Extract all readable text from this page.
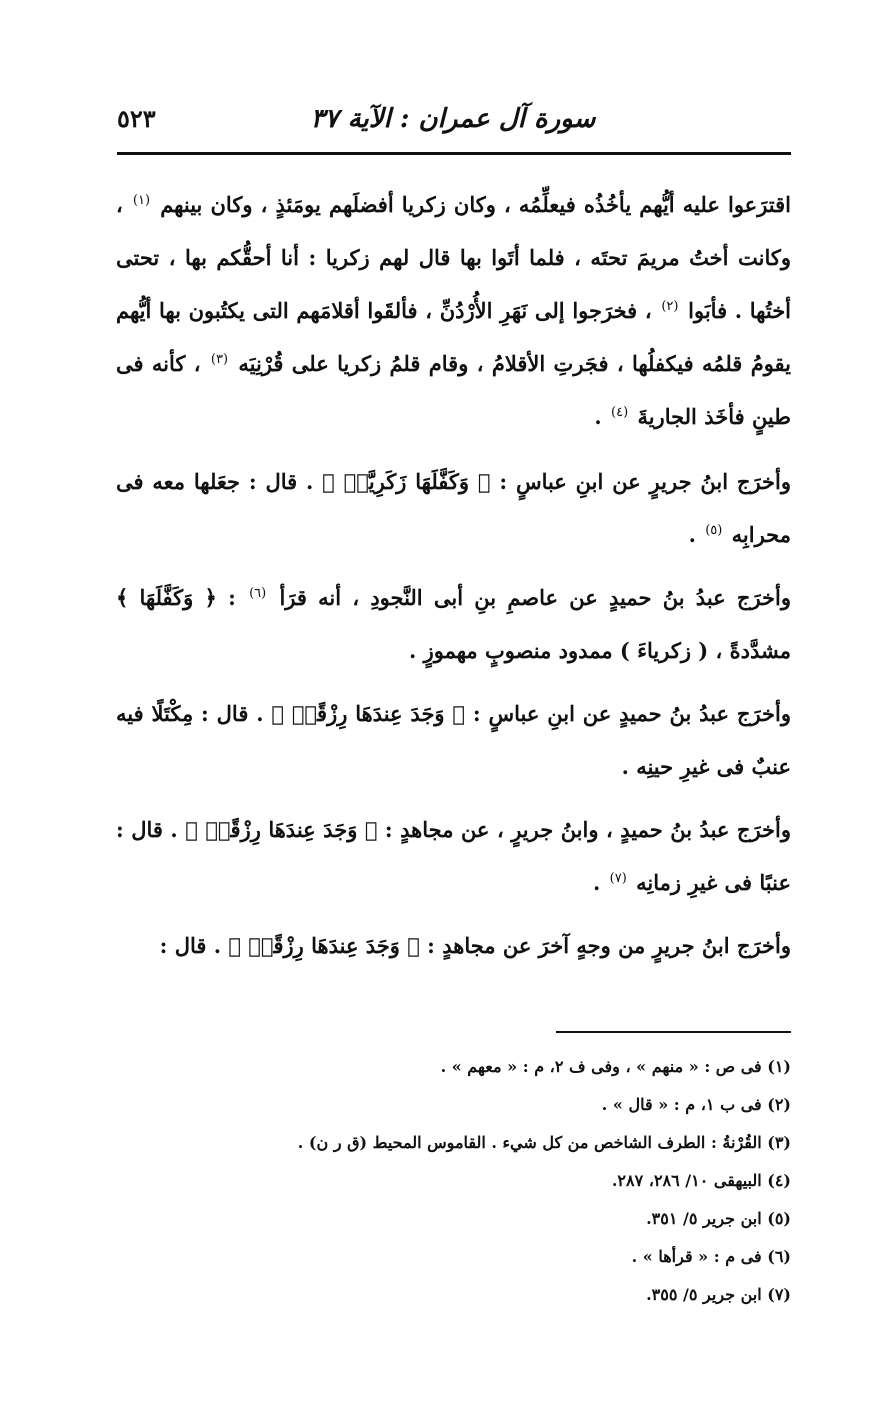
سورة آل عمران : الآية ٣٧
٥٢٣

اقترَعوا عليه أيُّهم يأخُذُه فيعلِّمُه ، وكان زكريا أفضلَهم يومَئذٍ ، وكان بينهم $^{(١)}$ ، وكانت أختُ مريمَ تحتَه ، فلما أتَوا بها قال لهم زكريا : أنا أحقُّكم بها ، تحتى أختُها . فأبَوا $^{(٢)}$ ، فخرَجوا إلى نَهَرِ الأُرْدُنِّ ، فألقَوا أقلامَهم التى يكتُبون بها أيُّهم يقومُ قلمُه فيكفلُها ، فجَرتِ الأقلامُ ، وقام قلمُ زكريا على قُرْنِيَه $^{(٣)}$ ، كأنه فى طينٍ فأخَذ الجاريةَ $^{(٤)}$ .

وأخرَج ابنُ جريرٍ عن ابنِ عباسٍ : ﴿ وَكَفَّلَهَا زَكَرِيَّاۖ ﴾ . قال : جعَلها معه فى محرابِه $^{(٥)}$ .

وأخرَج عبدُ بنُ حميدٍ عن عاصمِ بنِ أبى النَّجودِ ، أنه قرَأ $^{(٦)}$ : ﴿ وَكَفَّلَهَا ﴾ مشدَّدةً ، ( زكرياءَ ) ممدود منصوبٍ مهموزٍ .

وأخرَج عبدُ بنُ حميدٍ عن ابنِ عباسٍ : ﴿ وَجَدَ عِندَهَا رِزْقًاۖ ﴾ . قال : مِكْتَلًا فيه عنبٌ فى غيرِ حينِه .

وأخرَج عبدُ بنُ حميدٍ ، وابنُ جريرٍ ، عن مجاهدٍ : ﴿ وَجَدَ عِندَهَا رِزْقًاۖ ﴾ . قال : عنبًا فى غيرِ زمانِه $^{(٧)}$ .

وأخرَج ابنُ جريرٍ من وجهٍ آخرَ عن مجاهدٍ : ﴿ وَجَدَ عِندَهَا رِزْقًاۖ ﴾ . قال :

(١) فى ص : « منهم » ، وفى ف ٢، م : « معهم » .
(٢) فى ب ١، م : « قال » .
(٣) القُرْنةُ : الطرف الشاخص من كل شيء . القاموس المحيط (ق ر ن) .
(٤) البيهقى ١٠/ ٢٨٦، ٢٨٧.
(٥) ابن جرير ٥/ ٣٥١.
(٦) فى م : « قرأها » .
(٧) ابن جرير ٥/ ٣٥٥.
